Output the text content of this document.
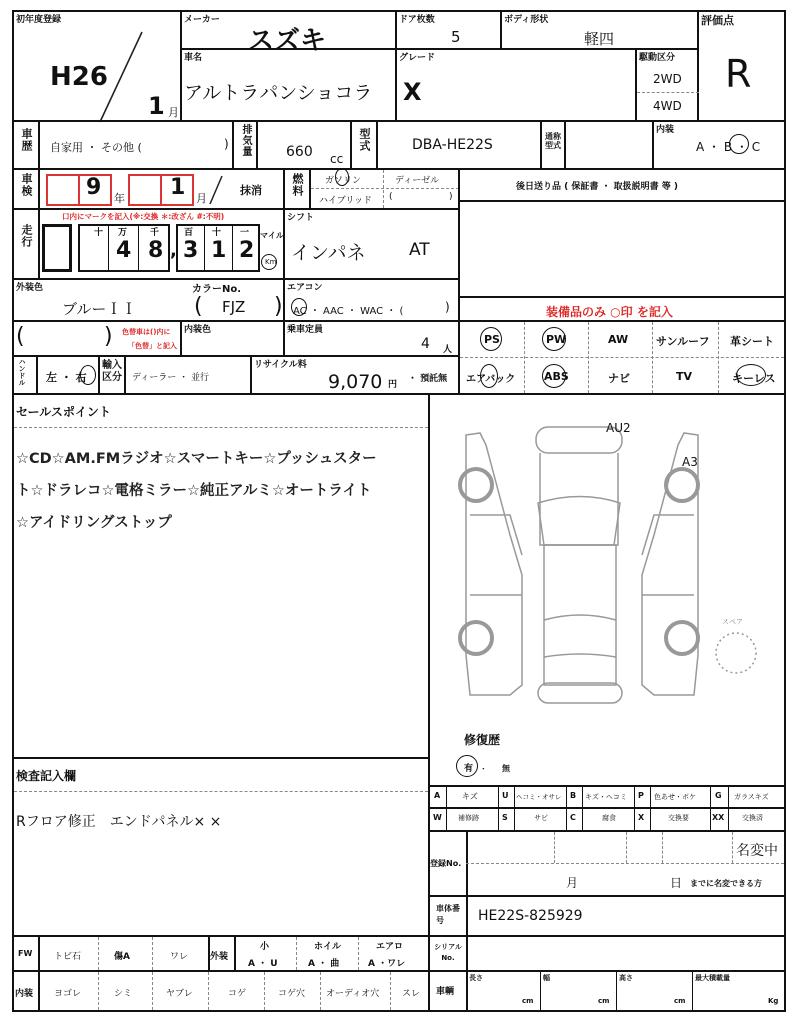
初年度登録
H26
1 月
メーカー
スズキ
ドア枚数
5
ボディ形状
軽四
評価点
R
車名
アルトラパンショコラ
グレード
X
駆動区分
2WD
4WD
車歴 自家用 ・ その他 (	) 排気量	660 cc
型式	DBA-HE22S
通称型式
内装
A ・ B ・ C
車検 9 年 1 月
抹消	燃料 ガソリン	ディーゼル
ハイブリッド (	)
後日送り品 ( 保証書 ・ 取扱説明書 等 )
走行
口内にマークを記入(※:交換 ＊:改ざん #:不明)
十 万	千
4 8 ,
百 十 一
3 1 2
マイル
Km
シフト
インパネ	AT
外装色
ブルーＩＩ
カラーNo.
( FJZ )
エアコン
AC ・ AAC ・ WAC ・ (	)	装備品のみ ○印 を記入
(	) 色替車は()内に
「色替」と記入
内装色	乗車定員
4 人
PS	PW	AW	サンルーフ 革シート
エアバック	ABS	ナビ	TV	キーレス
ハンドル 左 ・ 右
輸入区分 ディーラー ・ 並行
リサイクル料
9,070 円
・ 預託無
セールスポイント
☆CD☆AM.FMラジオ☆スマートキー☆プッシュスター
ト☆ドラレコ☆電格ミラー☆純正アルミ☆オートライト
☆アイドリングストップ
検査記入欄
Rフロア修正　エンドパネル× ×
AU2
A3
スペア
修復歴
有 ． 無
A	キズ	U ヘコミ・オサレ B キズ・ヘコミ P 色あせ・ボケ G ガラスキズ
W 補修跡	S	サビ	C	腐食	X	交換要	XX	交換済
登録No.
名変中
月	日 までに名変できる方
車体番号	HE22S-825929
シリアルNo.
車輌
長さ
cm
幅
cm
高さ
cm
最大積載量
Kg
FW トビ石	傷A	ワレ 外装
小
A ・ U
ホイル
A ・ 曲
エアロ
A ・ワレ
内装 ヨゴレ	シミ	ヤブレ	コゲ	コゲ穴 オーディオ穴	スレ
